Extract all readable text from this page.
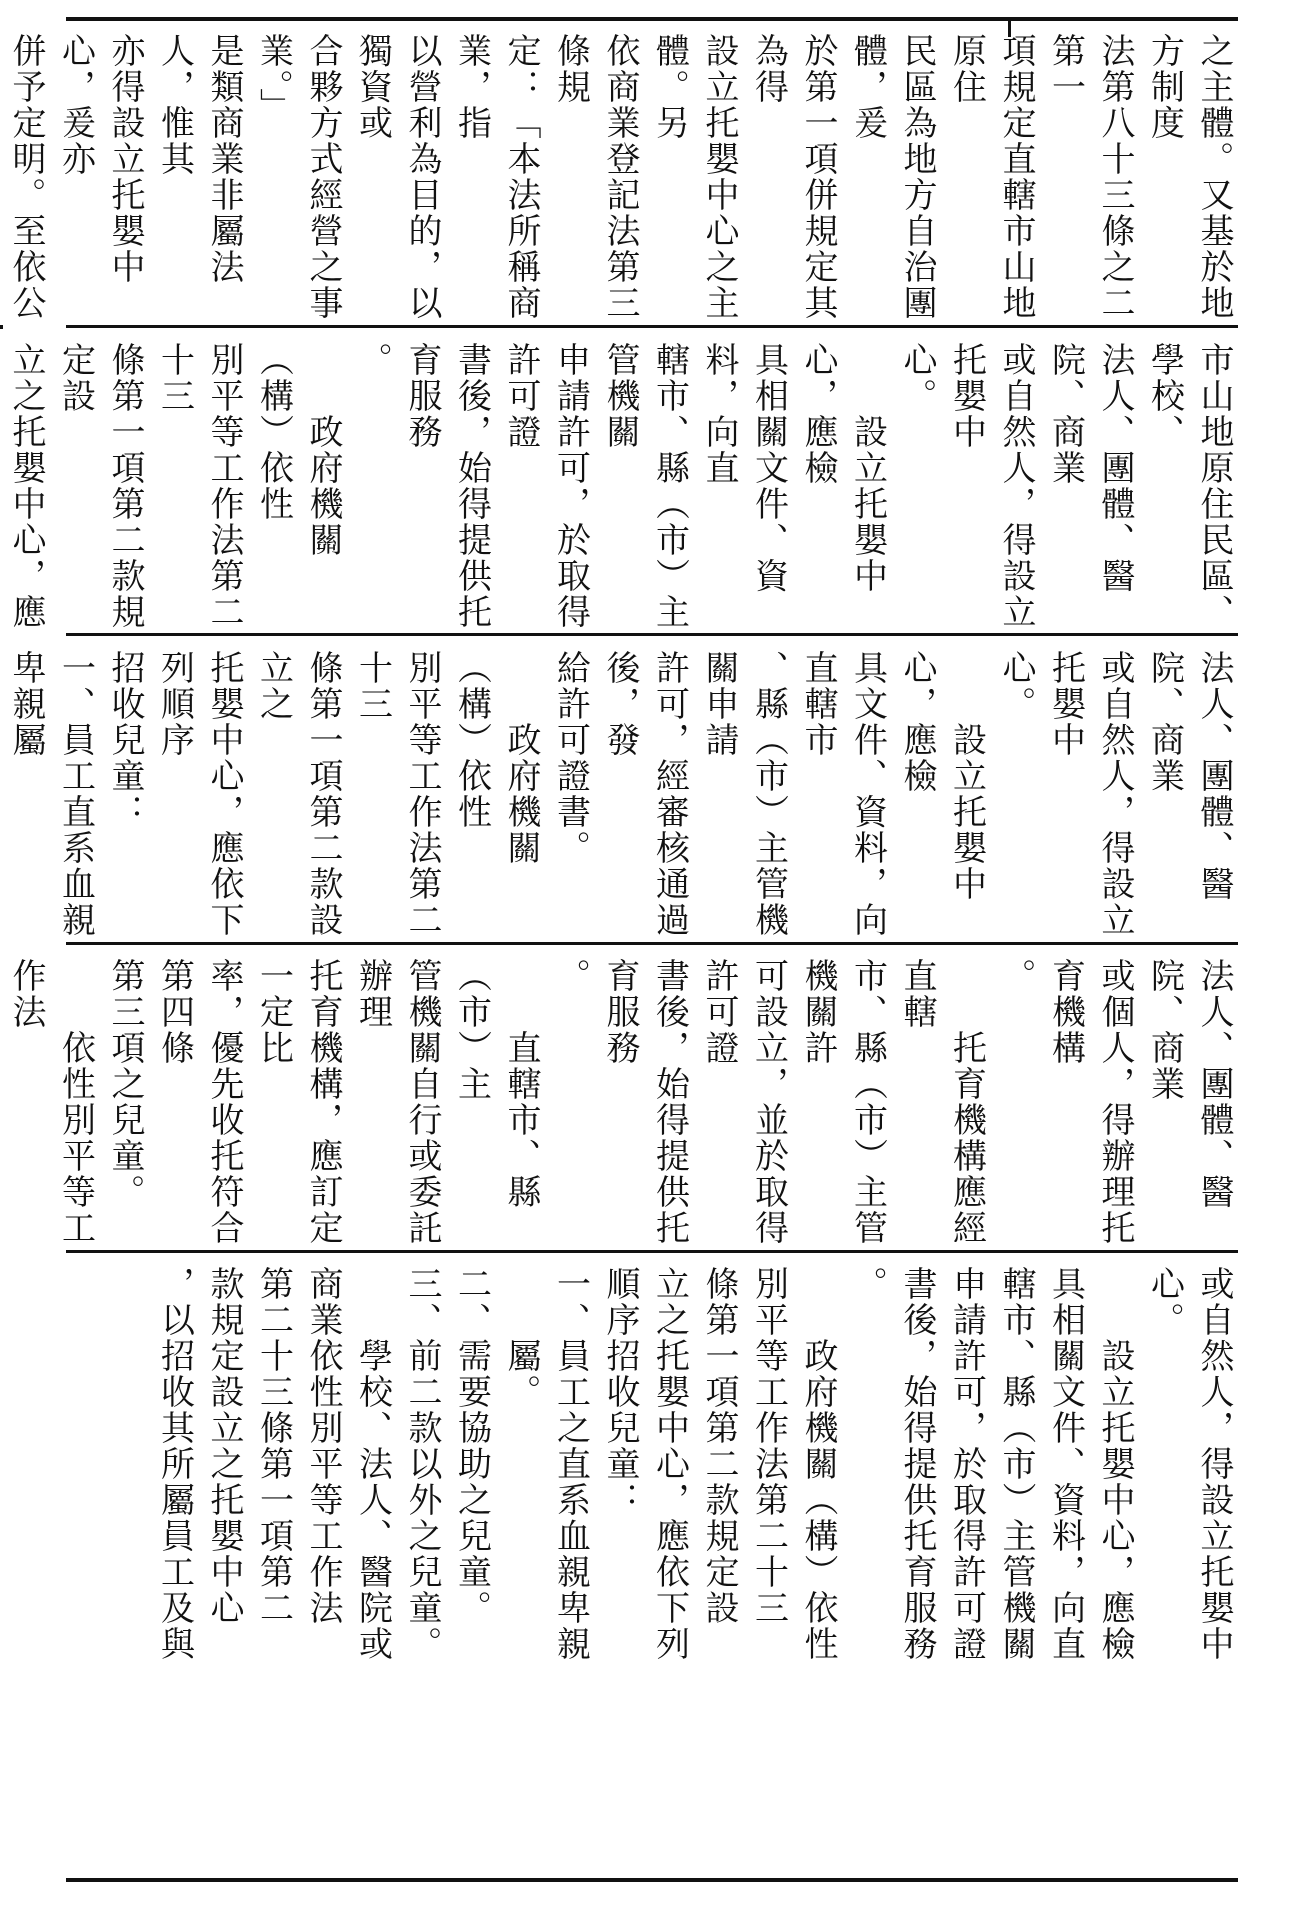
或自然人，得設立托嬰中
心。
　　設立托嬰中心，應檢
具相關文件、資料，向直
轄市、縣（市）主管機關
申請許可，於取得許可證
書後，始得提供托育服務
。
　　政府機關（構）依性
別平等工作法第二十三
條第一項第二款規定設
立之托嬰中心，應依下列
順序招收兒童：
一、員工之直系血親卑親
　　屬。
二、需要協助之兒童。
三、前二款以外之兒童。
　　學校、法人、醫院或
商業依性別平等工作法
第二十三條第一項第二
款規定設立之托嬰中心
，以招收其所屬員工及與
法人、團體、醫院、商業
或個人，得辦理托育機構
。
　　托育機構應經直轄
市、縣（市）主管機關許
可設立，並於取得許可證
書後，始得提供托育服務
。
　　直轄市、縣（市）主
管機關自行或委託辦理
托育機構，應訂定一定比
率，優先收托符合第四條
第三項之兒童。
　　依性別平等工作法
法人、團體、醫院、商業
或自然人，得設立托嬰中
心。
　　設立托嬰中心，應檢
具文件、資料，向直轄市
、縣（市）主管機關申請
許可，經審核通過後，發
給許可證書。
　　政府機關（構）依性
別平等工作法第二十三
條第一項第二款設立之
托嬰中心，應依下列順序
招收兒童：
一、員工直系血親卑親屬
市山地原住民區、學校、
法人、團體、醫院、商業
或自然人，得設立托嬰中
心。
　　設立托嬰中心，應檢
具相關文件、資料，向直
轄市、縣（市）主管機關
申請許可，於取得許可證
書後，始得提供托育服務
。
　　政府機關（構）依性
別平等工作法第二十三
條第一項第二款規定設
立之托嬰中心，應
之主體。又基於地方制度
法第八十三條之二第一
項規定直轄市山地原住
民區為地方自治團體，爰
於第一項併規定其為得
設立托嬰中心之主體。另
依商業登記法第三條規
定：「本法所稱商業，指
以營利為目的，以獨資或
合夥方式經營之事業。」
是類商業非屬法人，惟其
亦得設立托嬰中心，爰亦
併予定明。至依公
